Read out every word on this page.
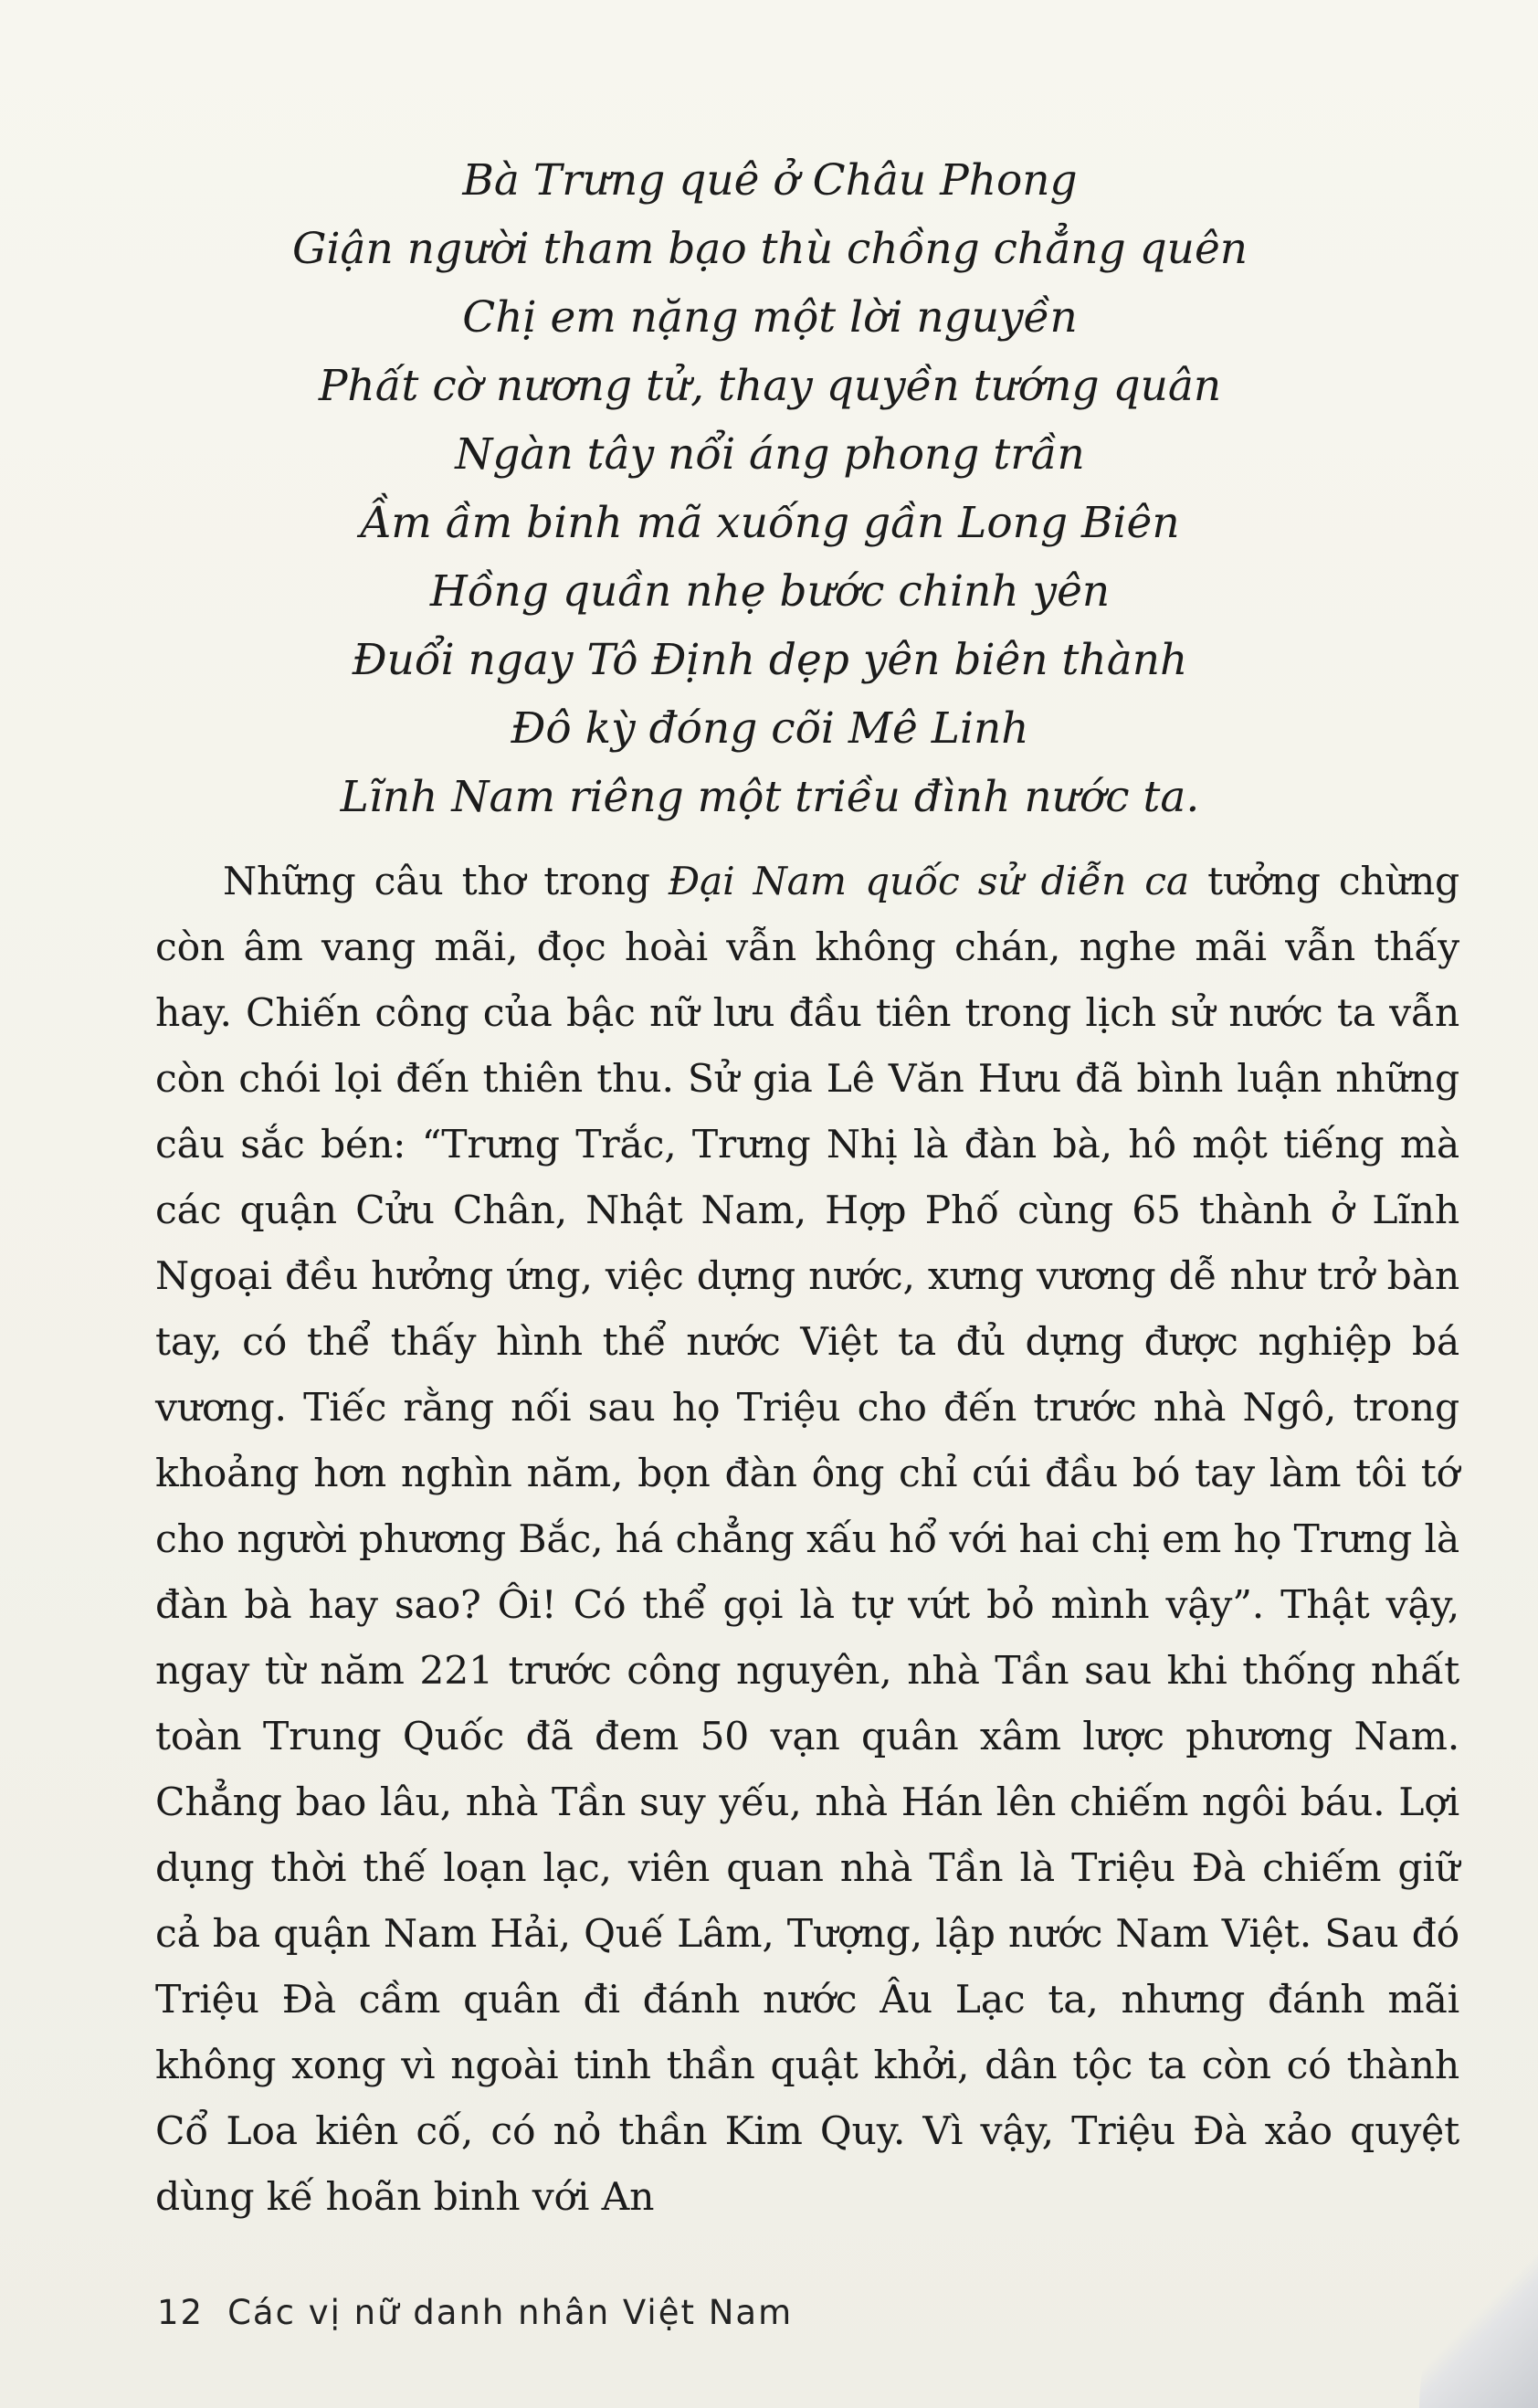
Bà Trưng quê ở Châu Phong
Giận người tham bạo thù chồng chẳng quên
Chị em nặng một lời nguyền
Phất cờ nương tử, thay quyền tướng quân
Ngàn tây nổi áng phong trần
Ầm ầm binh mã xuống gần Long Biên
Hồng quần nhẹ bước chinh yên
Đuổi ngay Tô Định dẹp yên biên thành
Đô kỳ đóng cõi Mê Linh
Lĩnh Nam riêng một triều đình nước ta.

Những câu thơ trong Đại Nam quốc sử diễn ca tưởng chừng còn âm vang mãi, đọc hoài vẫn không chán, nghe mãi vẫn thấy hay. Chiến công của bậc nữ lưu đầu tiên trong lịch sử nước ta vẫn còn chói lọi đến thiên thu. Sử gia Lê Văn Hưu đã bình luận những câu sắc bén: “Trưng Trắc, Trưng Nhị là đàn bà, hô một tiếng mà các quận Cửu Chân, Nhật Nam, Hợp Phố cùng 65 thành ở Lĩnh Ngoại đều hưởng ứng, việc dựng nước, xưng vương dễ như trở bàn tay, có thể thấy hình thể nước Việt ta đủ dựng được nghiệp bá vương. Tiếc rằng nối sau họ Triệu cho đến trước nhà Ngô, trong khoảng hơn nghìn năm, bọn đàn ông chỉ cúi đầu bó tay làm tôi tớ cho người phương Bắc, há chẳng xấu hổ với hai chị em họ Trưng là đàn bà hay sao? Ôi! Có thể gọi là tự vứt bỏ mình vậy”. Thật vậy, ngay từ năm 221 trước công nguyên, nhà Tần sau khi thống nhất toàn Trung Quốc đã đem 50 vạn quân xâm lược phương Nam. Chẳng bao lâu, nhà Tần suy yếu, nhà Hán lên chiếm ngôi báu. Lợi dụng thời thế loạn lạc, viên quan nhà Tần là Triệu Đà chiếm giữ cả ba quận Nam Hải, Quế Lâm, Tượng, lập nước Nam Việt. Sau đó Triệu Đà cầm quân đi đánh nước Âu Lạc ta, nhưng đánh mãi không xong vì ngoài tinh thần quật khởi, dân tộc ta còn có thành Cổ Loa kiên cố, có nỏ thần Kim Quy. Vì vậy, Triệu Đà xảo quyệt dùng kế hoãn binh với An

12 Các vị nữ danh nhân Việt Nam
